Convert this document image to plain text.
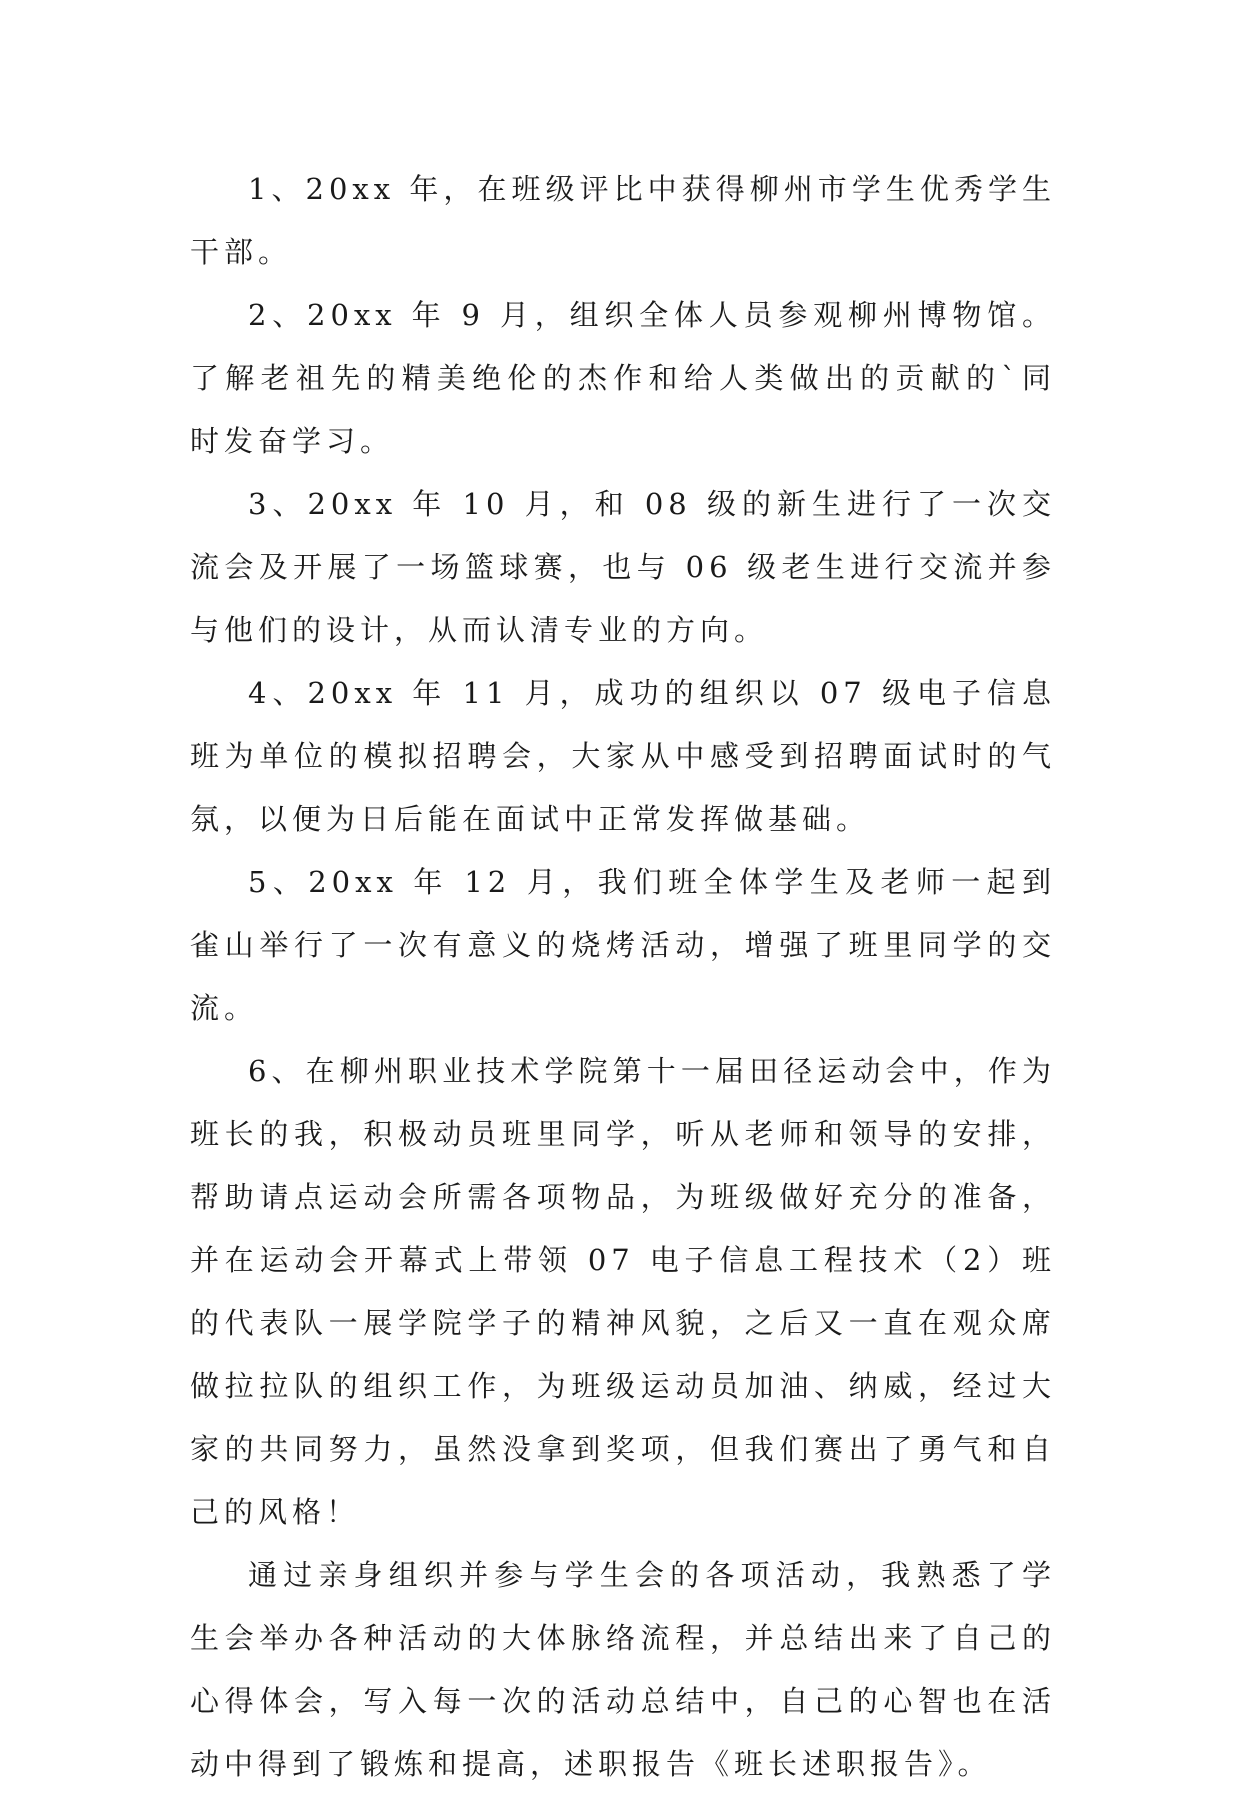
1、20xx 年，在班级评比中获得柳州市学生优秀学生干部。

2、20xx 年 9 月，组织全体人员参观柳州博物馆。了解老祖先的精美绝伦的杰作和给人类做出的贡献的`同时发奋学习。

3、20xx 年 10 月，和 08 级的新生进行了一次交流会及开展了一场篮球赛，也与 06 级老生进行交流并参与他们的设计，从而认清专业的方向。

4、20xx 年 11 月，成功的组织以 07 级电子信息班为单位的模拟招聘会，大家从中感受到招聘面试时的气氛，以便为日后能在面试中正常发挥做基础。

5、20xx 年 12 月，我们班全体学生及老师一起到雀山举行了一次有意义的烧烤活动，增强了班里同学的交流。

6、在柳州职业技术学院第十一届田径运动会中，作为班长的我，积极动员班里同学，听从老师和领导的安排，帮助请点运动会所需各项物品，为班级做好充分的准备，并在运动会开幕式上带领 07 电子信息工程技术（2）班的代表队一展学院学子的精神风貌，之后又一直在观众席做拉拉队的组织工作，为班级运动员加油、纳威，经过大家的共同努力，虽然没拿到奖项，但我们赛出了勇气和自己的风格！

通过亲身组织并参与学生会的各项活动，我熟悉了学生会举办各种活动的大体脉络流程，并总结出来了自己的心得体会，写入每一次的活动总结中，自己的心智也在活动中得到了锻炼和提高，述职报告《班长述职报告》。
